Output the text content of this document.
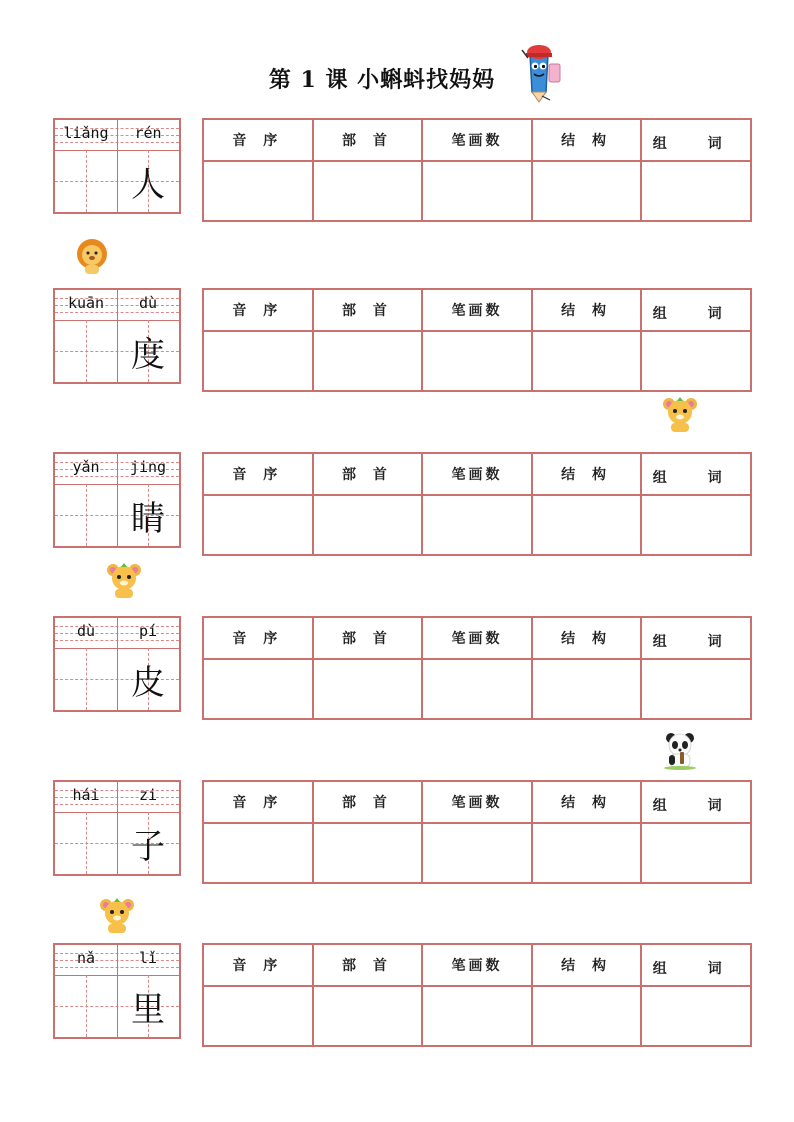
第 1 课 小蝌蚪找妈妈
liǎng	rén
人
音 序	部 首	笔画数	结 构	组 词

kuān	dù
度
音 序	部 首	笔画数	结 构	组 词

yǎn	jing
睛
音 序	部 首	笔画数	结 构	组 词

dù	pí
皮
音 序	部 首	笔画数	结 构	组 词

hái	zi
子
音 序	部 首	笔画数	结 构	组 词

nǎ	lǐ
里
音 序	部 首	笔画数	结 构	组 词
